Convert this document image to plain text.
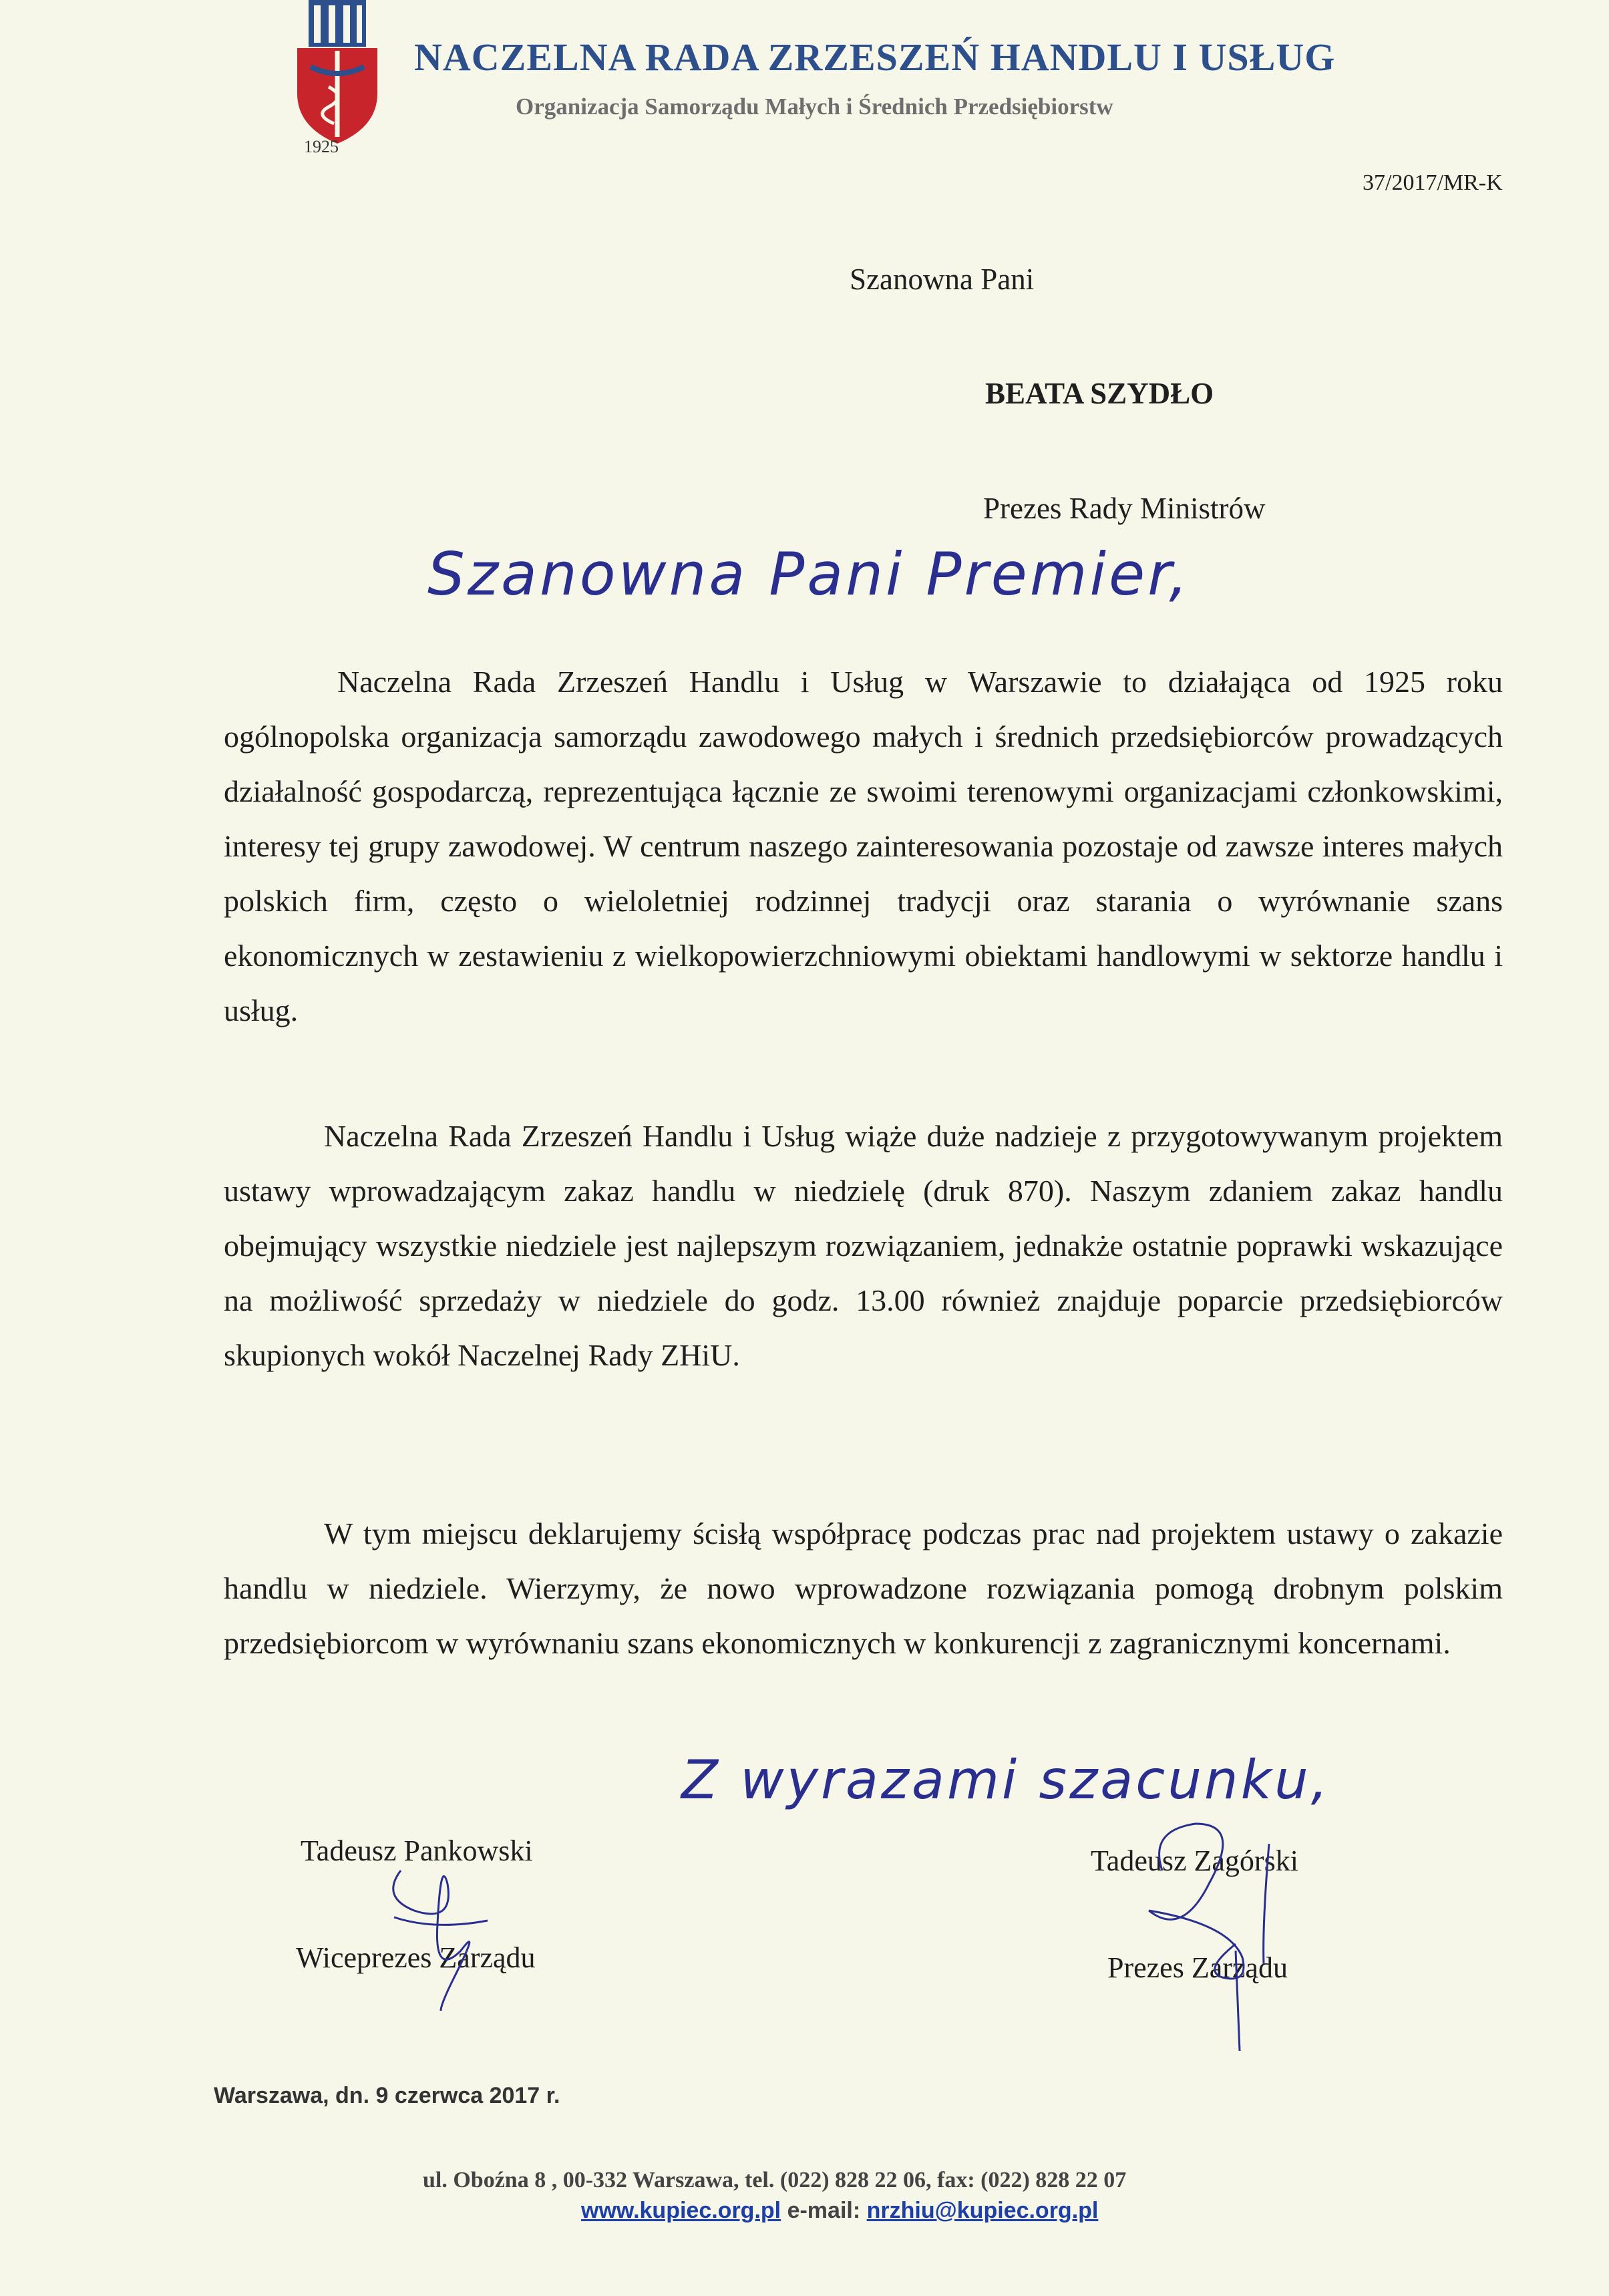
1925
NACZELNA RADA ZRZESZEŃ HANDLU I USŁUG
Organizacja Samorządu Małych i Średnich Przedsiębiorstw
37/2017/MR-K
Szanowna Pani
BEATA SZYDŁO
Prezes Rady Ministrów
Szanowna Pani Premier,

Naczelna Rada Zrzeszeń Handlu i Usług w Warszawie to działająca od 1925 roku ogólnopolska organizacja samorządu zawodowego małych i średnich przedsiębiorców prowadzących działalność gospodarczą, reprezentująca łącznie ze swoimi terenowymi organizacjami członkowskimi, interesy tej grupy zawodowej. W centrum naszego zainteresowania pozostaje od zawsze interes małych polskich firm, często o wieloletniej rodzinnej tradycji oraz starania o wyrównanie szans ekonomicznych w zestawieniu z wielkopowierzchniowymi obiektami handlowymi w sektorze handlu i usług.

Naczelna Rada Zrzeszeń Handlu i Usług wiąże duże nadzieje z przygotowywanym projektem ustawy wprowadzającym zakaz handlu w niedzielę (druk 870). Naszym zdaniem zakaz handlu obejmujący wszystkie niedziele jest najlepszym rozwiązaniem, jednakże ostatnie poprawki wskazujące na możliwość sprzedaży w niedziele do godz. 13.00 również znajduje poparcie przedsiębiorców skupionych wokół Naczelnej Rady ZHiU.

W tym miejscu deklarujemy ścisłą współpracę podczas prac nad projektem ustawy o zakazie handlu w niedziele. Wierzymy, że nowo wprowadzone rozwiązania pomogą drobnym polskim przedsiębiorcom w wyrównaniu szans ekonomicznych w konkurencji z zagranicznymi koncernami.

Z wyrazami szacunku,
Tadeusz Pankowski
Wiceprezes Zarządu
Tadeusz Zagórski
Prezes Zarządu
Warszawa, dn. 9 czerwca 2017 r.
ul. Oboźna 8 , 00-332 Warszawa, tel. (022) 828 22 06, fax: (022) 828 22 07
www.kupiec.org.pl e-mail: nrzhiu@kupiec.org.pl
